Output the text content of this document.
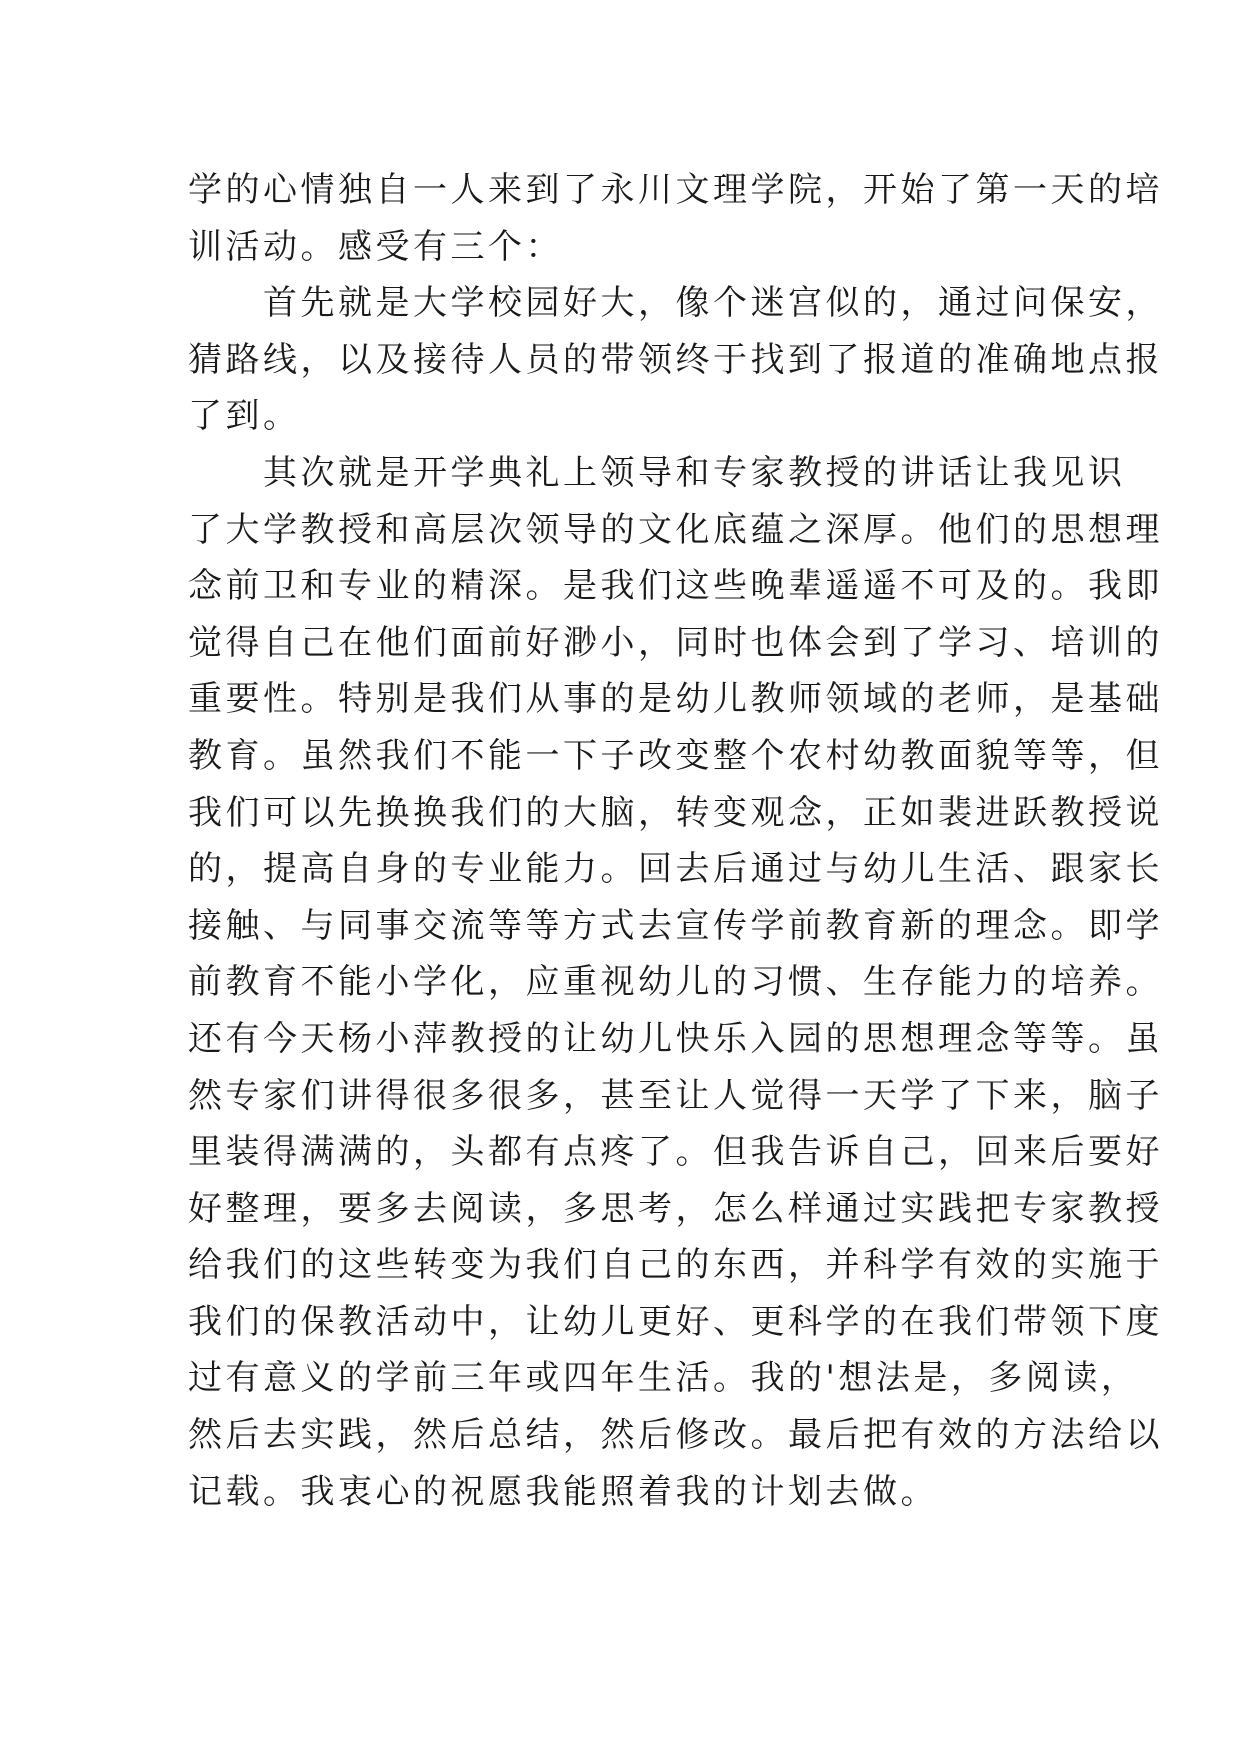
学的心情独自一人来到了永川文理学院，开始了第一天的培
训活动。感受有三个：
首先就是大学校园好大，像个迷宫似的，通过问保安，
猜路线，以及接待人员的带领终于找到了报道的准确地点报
了到。
其次就是开学典礼上领导和专家教授的讲话让我见识
了大学教授和高层次领导的文化底蕴之深厚。他们的思想理
念前卫和专业的精深。是我们这些晚辈遥遥不可及的。我即
觉得自己在他们面前好渺小，同时也体会到了学习、培训的
重要性。特别是我们从事的是幼儿教师领域的老师，是基础
教育。虽然我们不能一下子改变整个农村幼教面貌等等，但
我们可以先换换我们的大脑，转变观念，正如裴进跃教授说
的，提高自身的专业能力。回去后通过与幼儿生活、跟家长
接触、与同事交流等等方式去宣传学前教育新的理念。即学
前教育不能小学化，应重视幼儿的习惯、生存能力的培养。
还有今天杨小萍教授的让幼儿快乐入园的思想理念等等。虽
然专家们讲得很多很多，甚至让人觉得一天学了下来，脑子
里装得满满的，头都有点疼了。但我告诉自己，回来后要好
好整理，要多去阅读，多思考，怎么样通过实践把专家教授
给我们的这些转变为我们自己的东西，并科学有效的实施于
我们的保教活动中，让幼儿更好、更科学的在我们带领下度
过有意义的学前三年或四年生活。我的'想法是，多阅读，
然后去实践，然后总结，然后修改。最后把有效的方法给以
记载。我衷心的祝愿我能照着我的计划去做。
